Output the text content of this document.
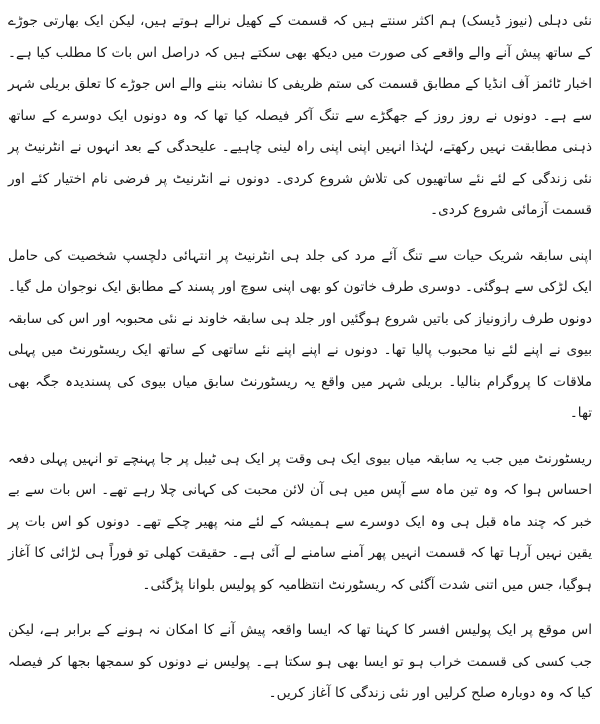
نئی دہلی (نیوز ڈیسک) ہم اکثر سنتے ہیں کہ قسمت کے کھیل نرالے ہوتے ہیں، لیکن ایک بھارتی جوڑے کے ساتھ پیش آنے والے واقعے کی صورت میں دیکھ بھی سکتے ہیں کہ دراصل اس بات کا مطلب کیا ہے۔ اخبار ٹائمز آف انڈیا کے مطابق قسمت کی ستم ظریفی کا نشانہ بننے والے اس جوڑے کا تعلق بریلی شہر سے ہے۔ دونوں نے روز روز کے جھگڑے سے تنگ آکر فیصلہ کیا تھا کہ وہ دونوں ایک دوسرے کے ساتھ ذہنی مطابقت نہیں رکھتے، لہٰذا انہیں اپنی اپنی راہ لینی چاہیے۔ علیحدگی کے بعد انہوں نے انٹرنیٹ پر نئی زندگی کے لئے نئے ساتھیوں کی تلاش شروع کردی۔ دونوں نے انٹرنیٹ پر فرضی نام اختیار کئے اور قسمت آزمائی شروع کردی۔

اپنی سابقہ شریک حیات سے تنگ آئے مرد کی جلد ہی انٹرنیٹ پر انتہائی دلچسپ شخصیت کی حامل ایک لڑکی سے ہوگئی۔ دوسری طرف خاتون کو بھی اپنی سوچ اور پسند کے مطابق ایک نوجوان مل گیا۔ دونوں طرف رازونیاز کی باتیں شروع ہوگئیں اور جلد ہی سابقہ خاوند نے نئی محبوبہ اور اس کی سابقہ بیوی نے اپنے لئے نیا محبوب پالیا تھا۔ دونوں نے اپنے اپنے نئے ساتھی کے ساتھ ایک ریسٹورنٹ میں پہلی ملاقات کا پروگرام بنالیا۔ بریلی شہر میں واقع یہ ریسٹورنٹ سابق میاں بیوی کی پسندیدہ جگہ بھی تھا۔

ریسٹورنٹ میں جب یہ سابقہ میاں بیوی ایک ہی وقت پر ایک ہی ٹیبل پر جا پہنچے تو انہیں پہلی دفعہ احساس ہوا کہ وہ تین ماہ سے آپس میں ہی آن لائن محبت کی کہانی چلا رہے تھے۔ اس بات سے بے خبر کہ چند ماہ قبل ہی وہ ایک دوسرے سے ہمیشہ کے لئے منہ پھیر چکے تھے۔ دونوں کو اس بات پر یقین نہیں آرہا تھا کہ قسمت انہیں پھر آمنے سامنے لے آئی ہے۔ حقیقت کھلی تو فوراً ہی لڑائی کا آغاز ہوگیا، جس میں اتنی شدت آگئی کہ ریسٹورنٹ انتظامیہ کو پولیس بلوانا پڑگئی۔

اس موقع پر ایک پولیس افسر کا کہنا تھا کہ ایسا واقعہ پیش آنے کا امکان نہ ہونے کے برابر ہے، لیکن جب کسی کی قسمت خراب ہو تو ایسا بھی ہو سکتا ہے۔ پولیس نے دونوں کو سمجھا بجھا کر فیصلہ کیا کہ وہ دوبارہ صلح کرلیں اور نئی زندگی کا آغاز کریں۔
